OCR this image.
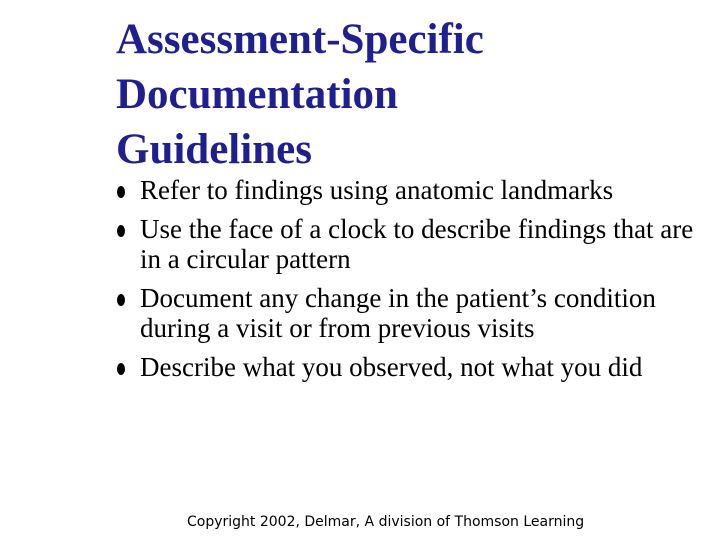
Assessment-Specific
Documentation
Guidelines
Refer to findings using anatomic landmarks
Use the face of a clock to describe findings that are in a circular pattern
Document any change in the patient’s condition during a visit or from previous visits
Describe what you observed, not what you did
Copyright 2002, Delmar, A division of Thomson Learning
